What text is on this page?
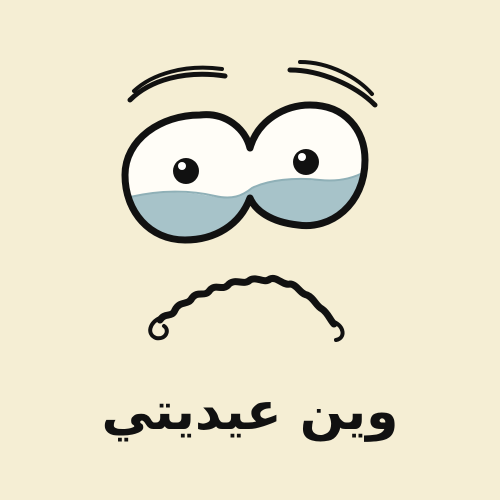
وين عيديتي
